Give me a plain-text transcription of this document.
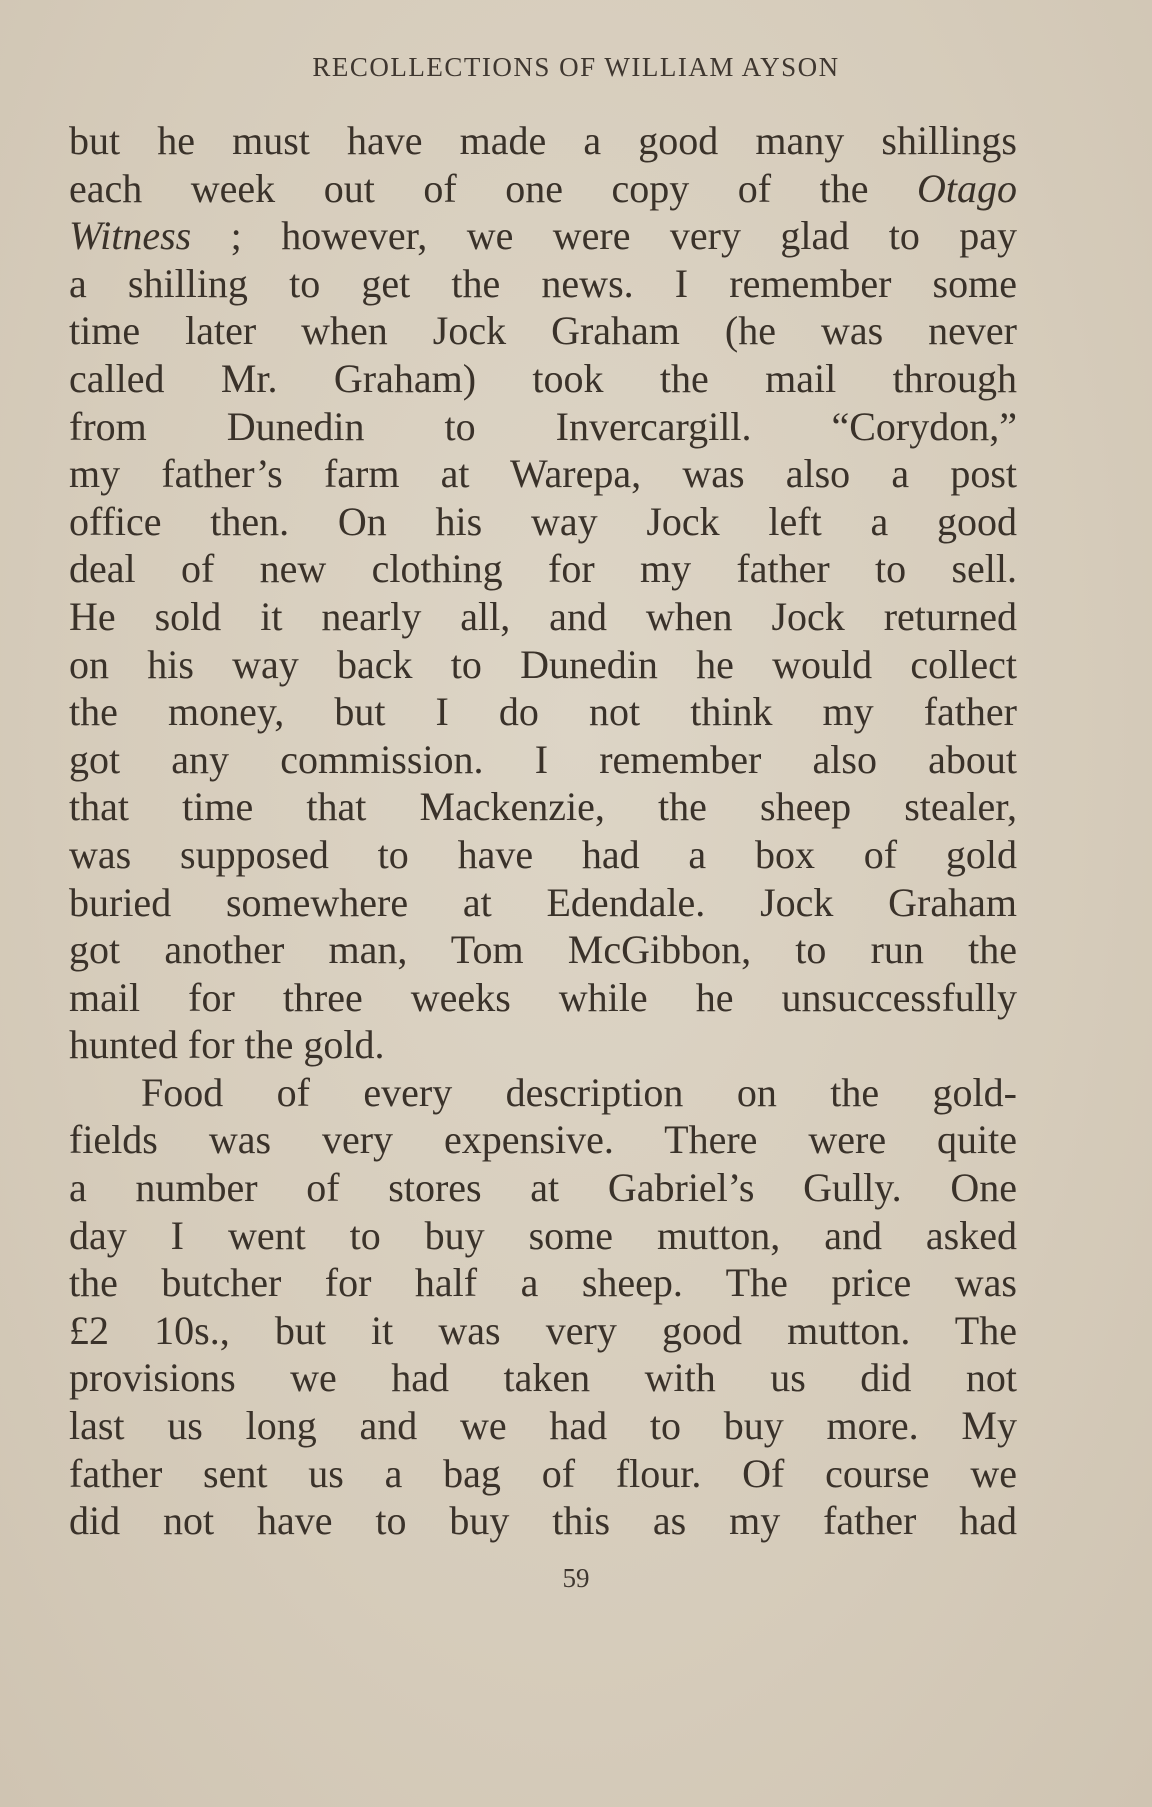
RECOLLECTIONS OF WILLIAM AYSON
but he must have made a good many shillings
each week out of one copy of the Otago
Witness ; however, we were very glad to pay
a shilling to get the news. I remember some
time later when Jock Graham (he was never
called Mr. Graham) took the mail through
from Dunedin to Invercargill. “Corydon,”
my father’s farm at Warepa, was also a post
office then. On his way Jock left a good
deal of new clothing for my father to sell.
He sold it nearly all, and when Jock returned
on his way back to Dunedin he would collect
the money, but I do not think my father
got any commission. I remember also about
that time that Mackenzie, the sheep stealer,
was supposed to have had a box of gold
buried somewhere at Edendale. Jock Graham
got another man, Tom McGibbon, to run the
mail for three weeks while he unsuccessfully
hunted for the gold.
Food of every description on the gold-
fields was very expensive. There were quite
a number of stores at Gabriel’s Gully. One
day I went to buy some mutton, and asked
the butcher for half a sheep. The price was
£2 10s., but it was very good mutton. The
provisions we had taken with us did not
last us long and we had to buy more. My
father sent us a bag of flour. Of course we
did not have to buy this as my father had
59
